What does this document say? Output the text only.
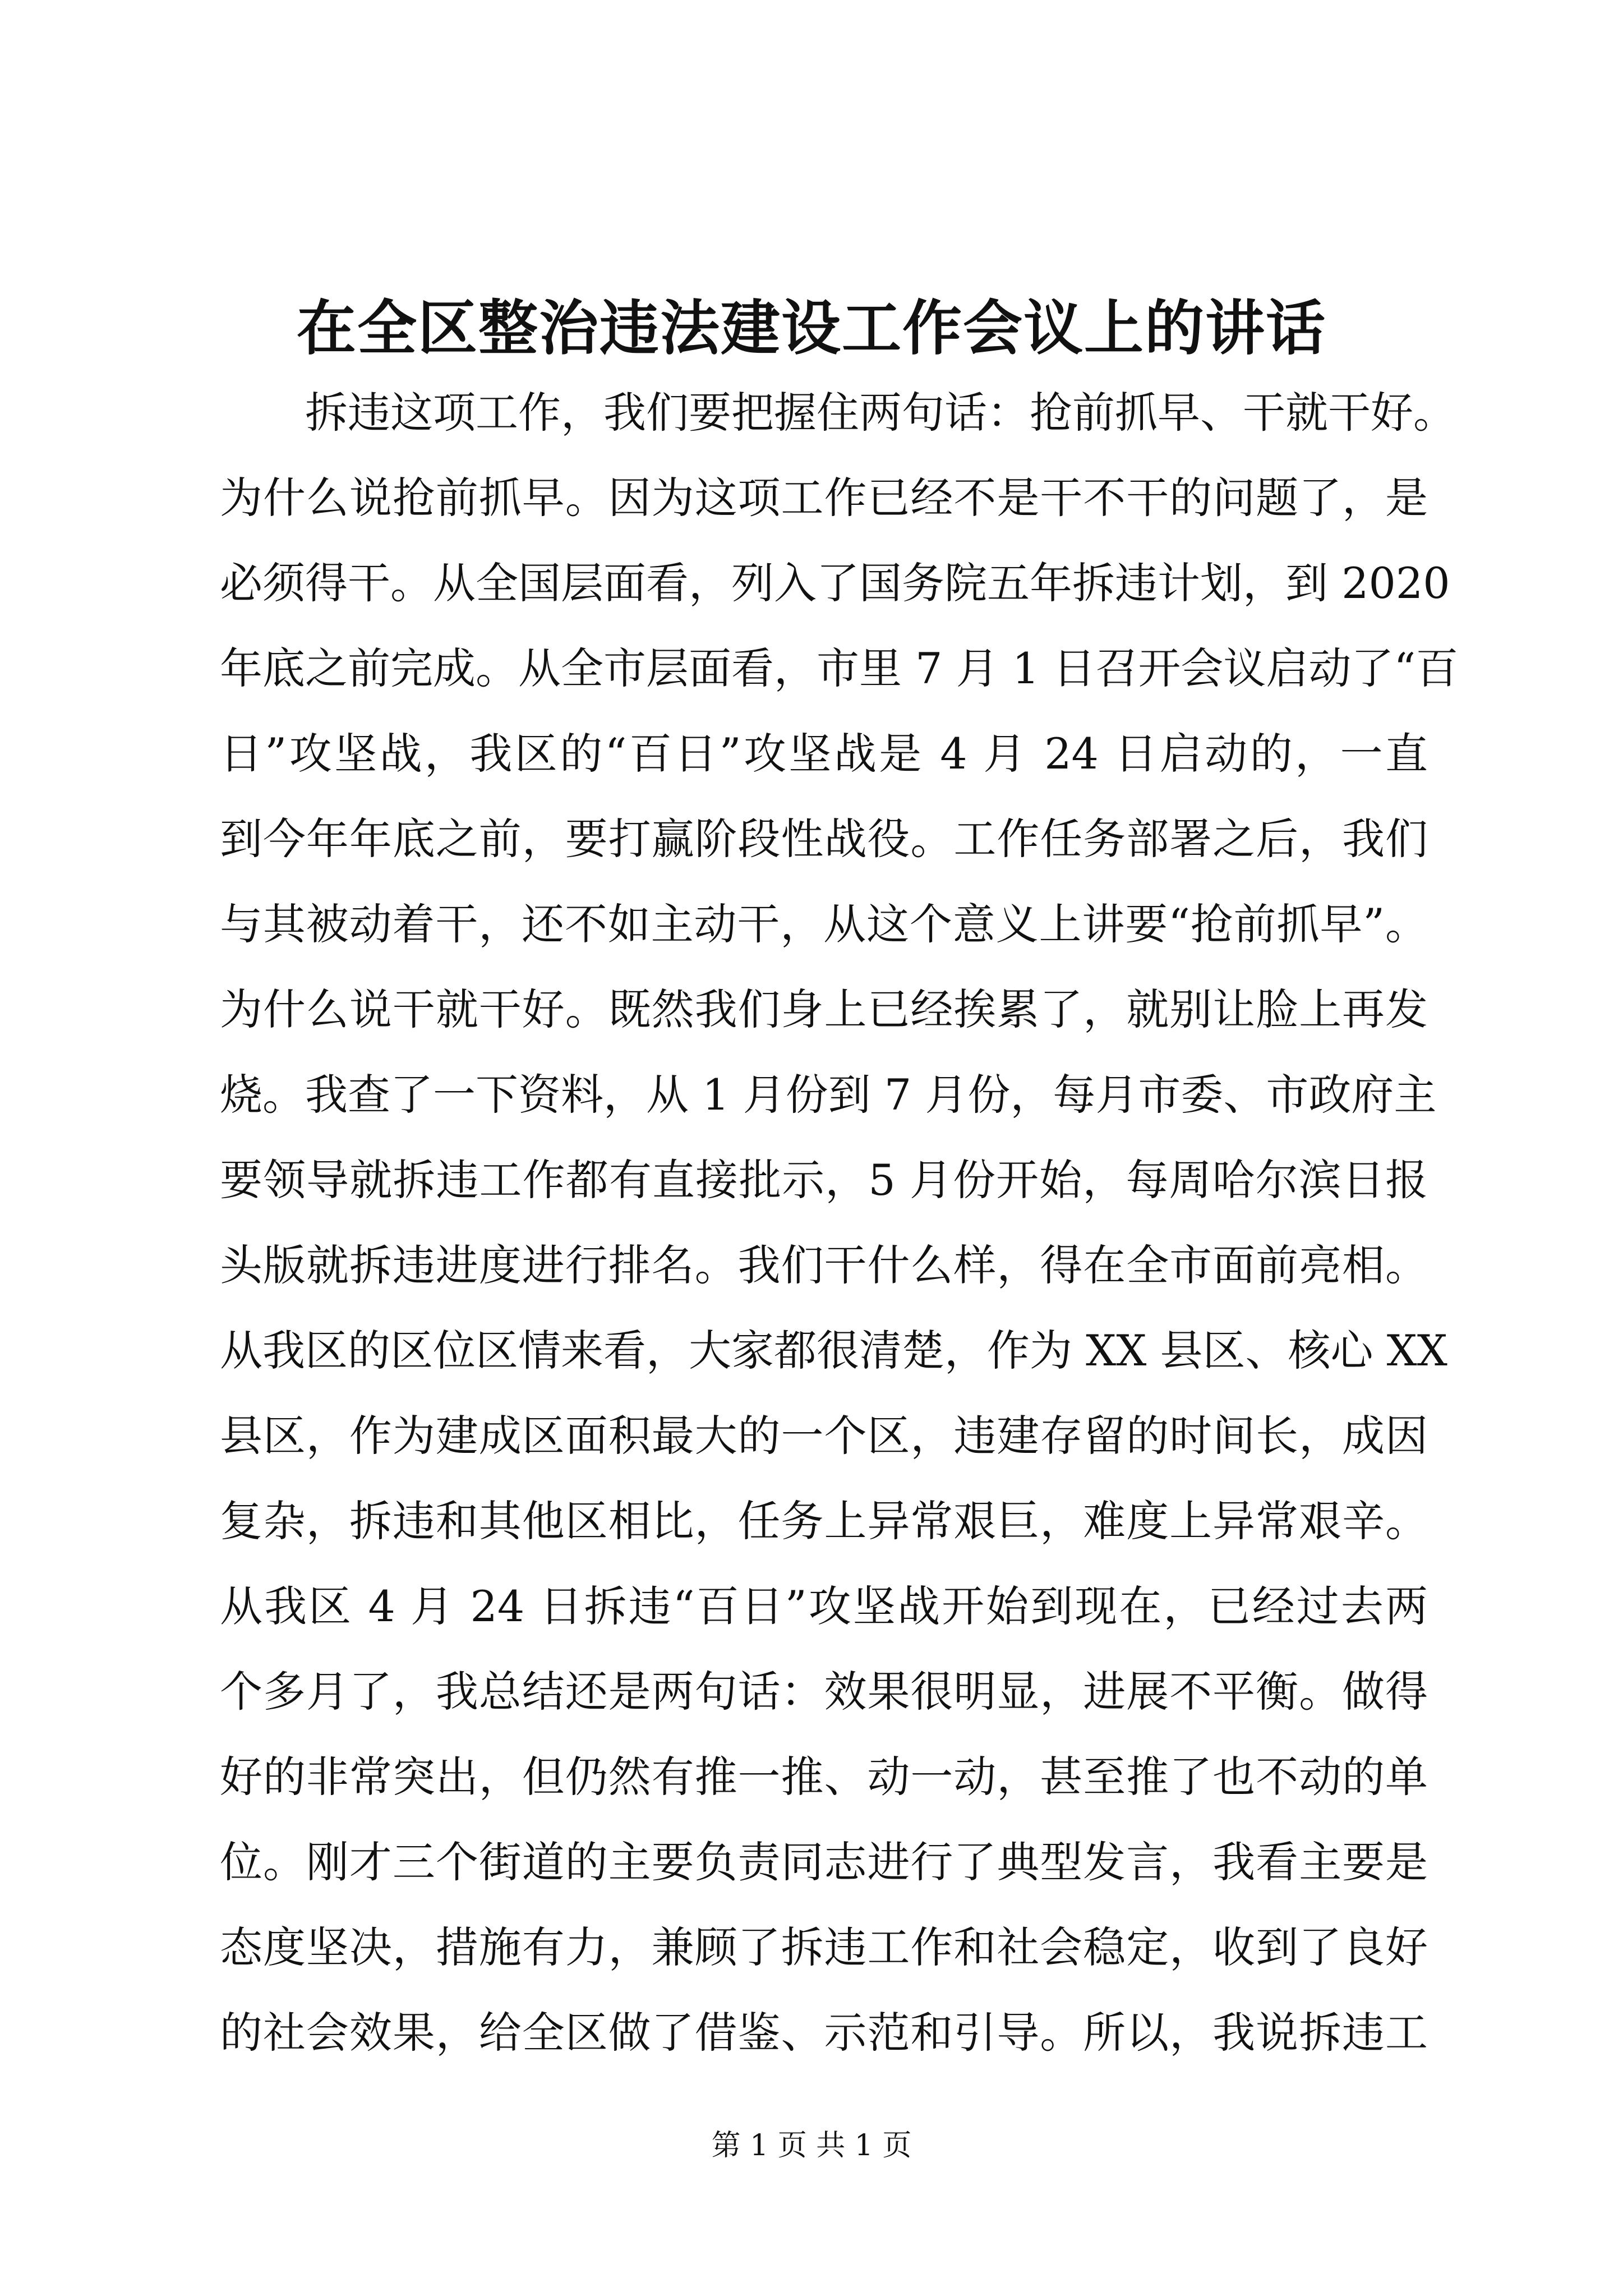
在全区整治违法建设工作会议上的讲话
拆违这项工作，我们要把握住两句话：抢前抓早、干就干好。
为什么说抢前抓早。因为这项工作已经不是干不干的问题了，是
必须得干。从全国层面看，列入了国务院五年拆违计划，到 2020
年底之前完成。从全市层面看，市里 7 月 1 日召开会议启动了“百
日”攻坚战，我区的“百日”攻坚战是 4 月 24 日启动的，一直
到今年年底之前，要打赢阶段性战役。工作任务部署之后，我们
与其被动着干，还不如主动干，从这个意义上讲要“抢前抓早”。
为什么说干就干好。既然我们身上已经挨累了，就别让脸上再发
烧。我查了一下资料，从 1 月份到 7 月份，每月市委、市政府主
要领导就拆违工作都有直接批示，5 月份开始，每周哈尔滨日报
头版就拆违进度进行排名。我们干什么样，得在全市面前亮相。
从我区的区位区情来看，大家都很清楚，作为 XX 县区、核心 XX
县区，作为建成区面积最大的一个区，违建存留的时间长，成因
复杂，拆违和其他区相比，任务上异常艰巨，难度上异常艰辛。
从我区 4 月 24 日拆违“百日”攻坚战开始到现在，已经过去两
个多月了，我总结还是两句话：效果很明显，进展不平衡。做得
好的非常突出，但仍然有推一推、动一动，甚至推了也不动的单
位。刚才三个街道的主要负责同志进行了典型发言，我看主要是
态度坚决，措施有力，兼顾了拆违工作和社会稳定，收到了良好
的社会效果，给全区做了借鉴、示范和引导。所以，我说拆违工
第 1 页 共 1 页
